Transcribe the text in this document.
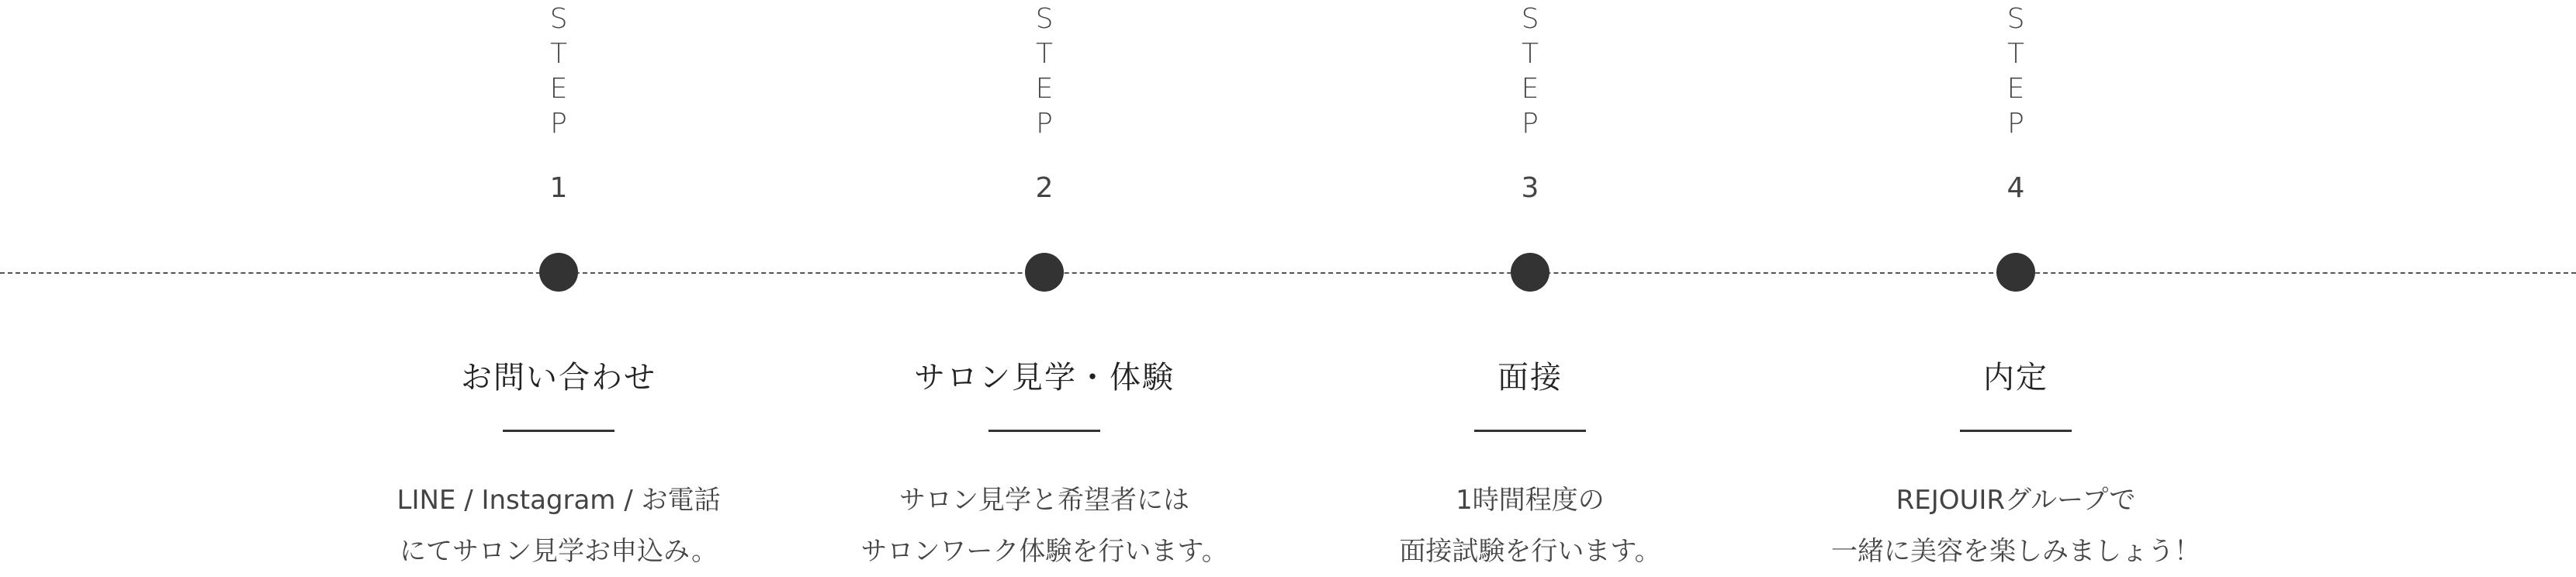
S
T
E
P
1
お問い合わせ
LINE / Instagram / お電話
にてサロン見学お申込み。
S
T
E
P
2
サロン見学・体験
サロン見学と希望者には
サロンワーク体験を行います。
S
T
E
P
3
面接
1時間程度の
面接試験を行います。
S
T
E
P
4
内定
REJOUIRグループで
一緒に美容を楽しみましょう！
